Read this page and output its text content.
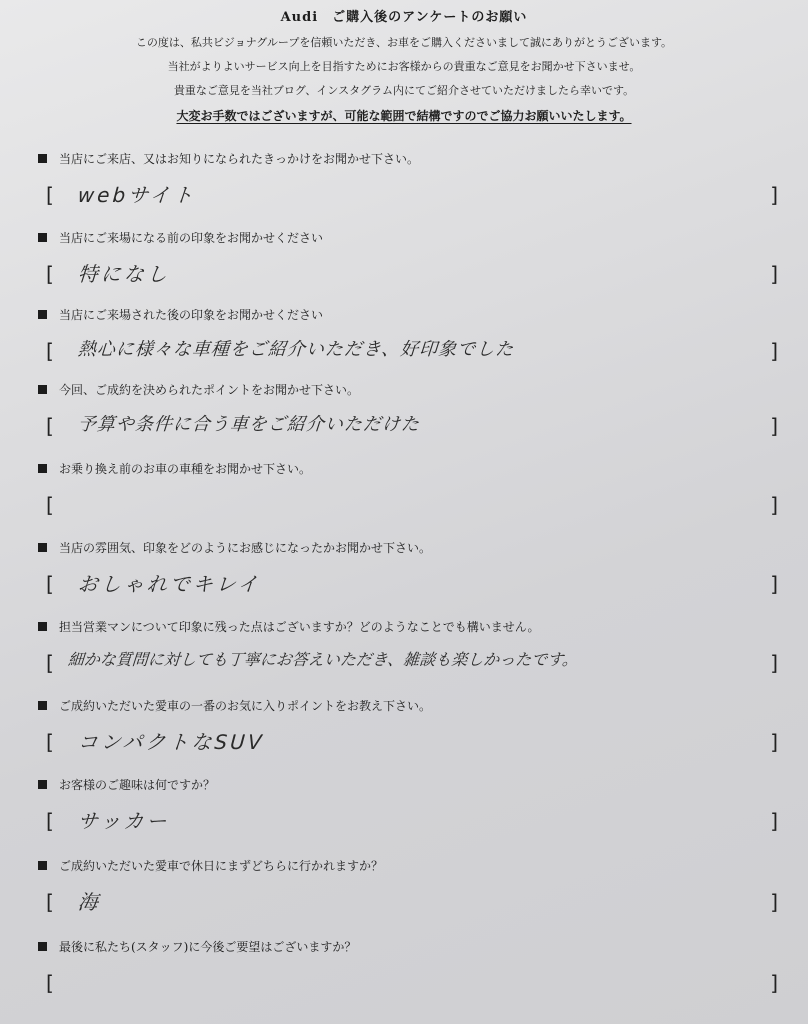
Audi　ご購入後のアンケートのお願い

この度は、私共ビジョナグループを信頼いただき、お車をご購入くださいまして誠にありがとうございます。

当社がよりよいサービス向上を目指すためにお客様からの貴重なご意見をお聞かせ下さいませ。

貴重なご意見を当社ブログ、インスタグラム内にてご紹介させていただけましたら幸いです。

大変お手数ではございますが、可能な範囲で結構ですのでご協力お願いいたします。
当店にご来店、又はお知りになられたきっかけをお聞かせ下さい。
[ webサイト	]
当店にご来場になる前の印象をお聞かせください
[ 特になし	]
当店にご来場された後の印象をお聞かせください
[ 熱心に様々な車種をご紹介いただき、好印象でした	]
今回、ご成約を決められたポイントをお聞かせ下さい。
[ 予算や条件に合う車をご紹介いただけた	]
お乗り換え前のお車の車種をお聞かせ下さい。
[	]
当店の雰囲気、印象をどのようにお感じになったかお聞かせ下さい。
[ おしゃれでキレイ	]
担当営業マンについて印象に残った点はございますか？どのようなことでも構いません。
[ 細かな質問に対しても丁寧にお答えいただき、雑談も楽しかったです。	]
ご成約いただいた愛車の一番のお気に入りポイントをお教え下さい。
[ コンパクトなSUV	]
お客様のご趣味は何ですか？
[ サッカー	]
ご成約いただいた愛車で休日にまずどちらに行かれますか？
[ 海	]
最後に私たち(スタッフ)に今後ご要望はございますか？
[	]
